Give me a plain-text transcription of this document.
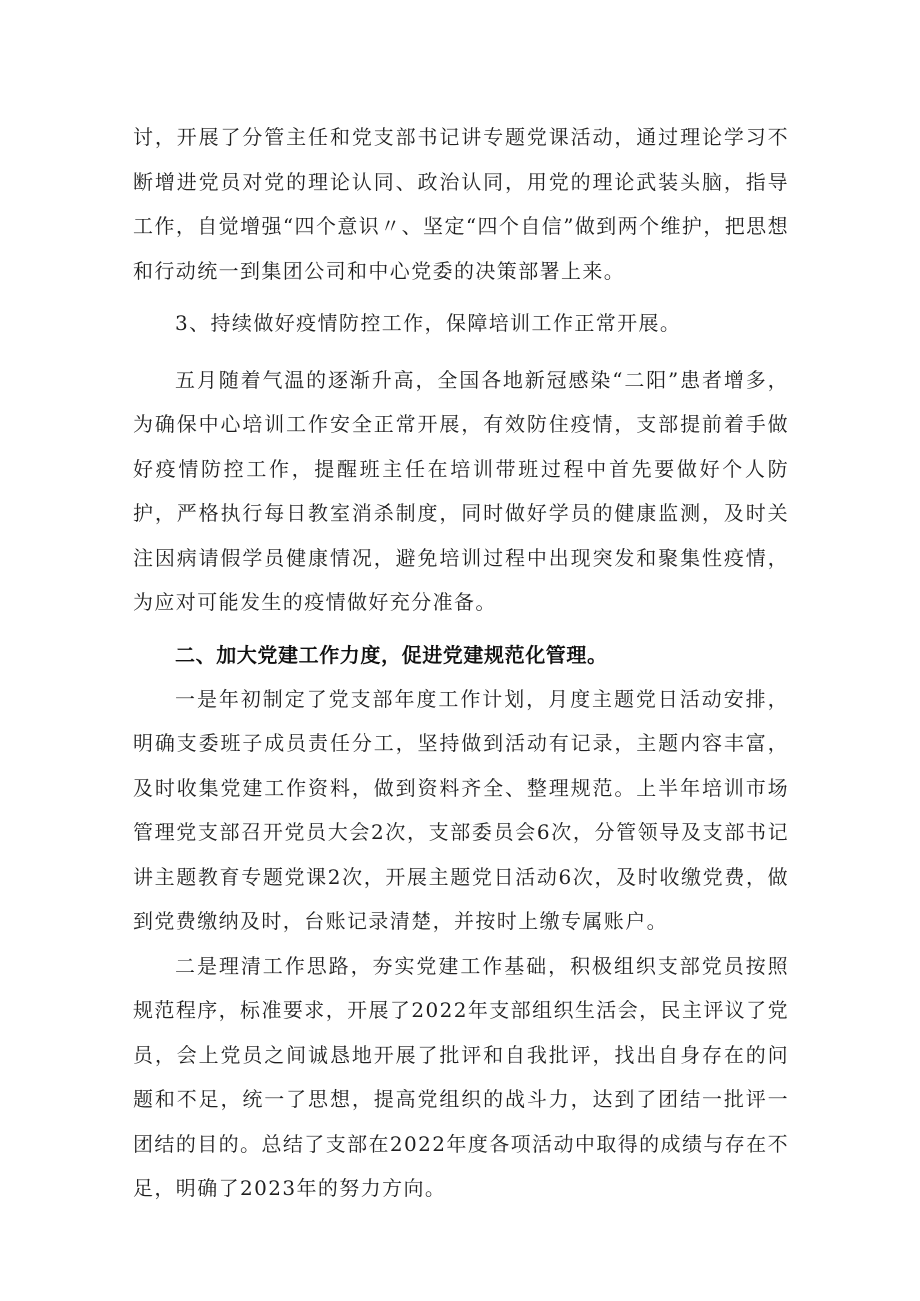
讨，开展了分管主任和党支部书记讲专题党课活动，通过理论学习不断增进党员对党的理论认同、政治认同，用党的理论武装头脑，指导工作，自觉增强“四个意识〃、坚定“四个自信”做到两个维护，把思想和行动统一到集团公司和中心党委的决策部署上来。

3、持续做好疫情防控工作，保障培训工作正常开展。

五月随着气温的逐渐升高，全国各地新冠感染“二阳”患者增多，为确保中心培训工作安全正常开展，有效防住疫情，支部提前着手做好疫情防控工作，提醒班主任在培训带班过程中首先要做好个人防护，严格执行每日教室消杀制度，同时做好学员的健康监测，及时关注因病请假学员健康情况，避免培训过程中出现突发和聚集性疫情，为应对可能发生的疫情做好充分准备。

二、加大党建工作力度，促进党建规范化管理。

一是年初制定了党支部年度工作计划，月度主题党日活动安排，明确支委班子成员责任分工，坚持做到活动有记录，主题内容丰富，及时收集党建工作资料，做到资料齐全、整理规范。上半年培训市场管理党支部召开党员大会2次，支部委员会6次，分管领导及支部书记讲主题教育专题党课2次，开展主题党日活动6次，及时收缴党费，做到党费缴纳及时，台账记录清楚，并按时上缴专属账户。

二是理清工作思路，夯实党建工作基础，积极组织支部党员按照规范程序，标准要求，开展了2022年支部组织生活会，民主评议了党员，会上党员之间诚恳地开展了批评和自我批评，找出自身存在的问题和不足，统一了思想，提高党组织的战斗力，达到了团结一批评一团结的目的。总结了支部在2022年度各项活动中取得的成绩与存在不足，明确了2023年的努力方向。
